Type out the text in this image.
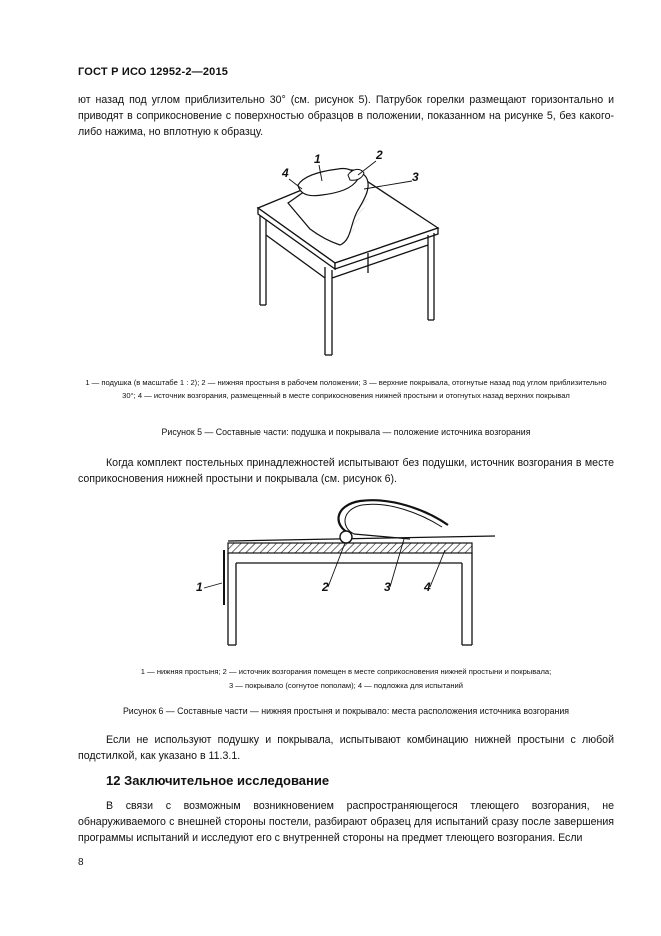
ГОСТ Р ИСО 12952-2—2015
ют назад под углом приблизительно 30° (см. рисунок 5). Патрубок горелки размещают горизонтально и приводят в соприкосновение с поверхностью образцов в положении, показанном на рисунке 5, без какого-либо нажима, но вплотную к образцу.
1	2
3
4
1 — подушка (в масштабе 1 : 2); 2 — нижняя простыня в рабочем положении; 3 — верхние покрывала, отогнутые назад под углом приблизительно 30°; 4 — источник возгорания, размещенный в месте соприкосновения нижней простыни и отогнутых назад верхних покрывал
Рисунок 5 — Составные части: подушка и покрывала — положение источника возгорания
Когда комплект постельных принадлежностей испытывают без подушки, источник возгорания в месте соприкосновения нижней простыни и покрывала (см. рисунок 6).
1	2	3	4
1 — нижняя простыня; 2 — источник возгорания помещен в месте соприкосновения нижней простыни и покрывала;
3 — покрывало (согнутое пополам); 4 — подложка для испытаний
Рисунок 6 — Составные части — нижняя простыня и покрывало: места расположения источника возгорания
Если не используют подушку и покрывала, испытывают комбинацию нижней простыни с любой подстилкой, как указано в 11.3.1.
12 Заключительное исследование
В связи с возможным возникновением распространяющегося тлеющего возгорания, не обнаруживаемого с внешней стороны постели, разбирают образец для испытаний сразу после завершения программы испытаний и исследуют его с внутренней стороны на предмет тлеющего возгорания. Если
8
